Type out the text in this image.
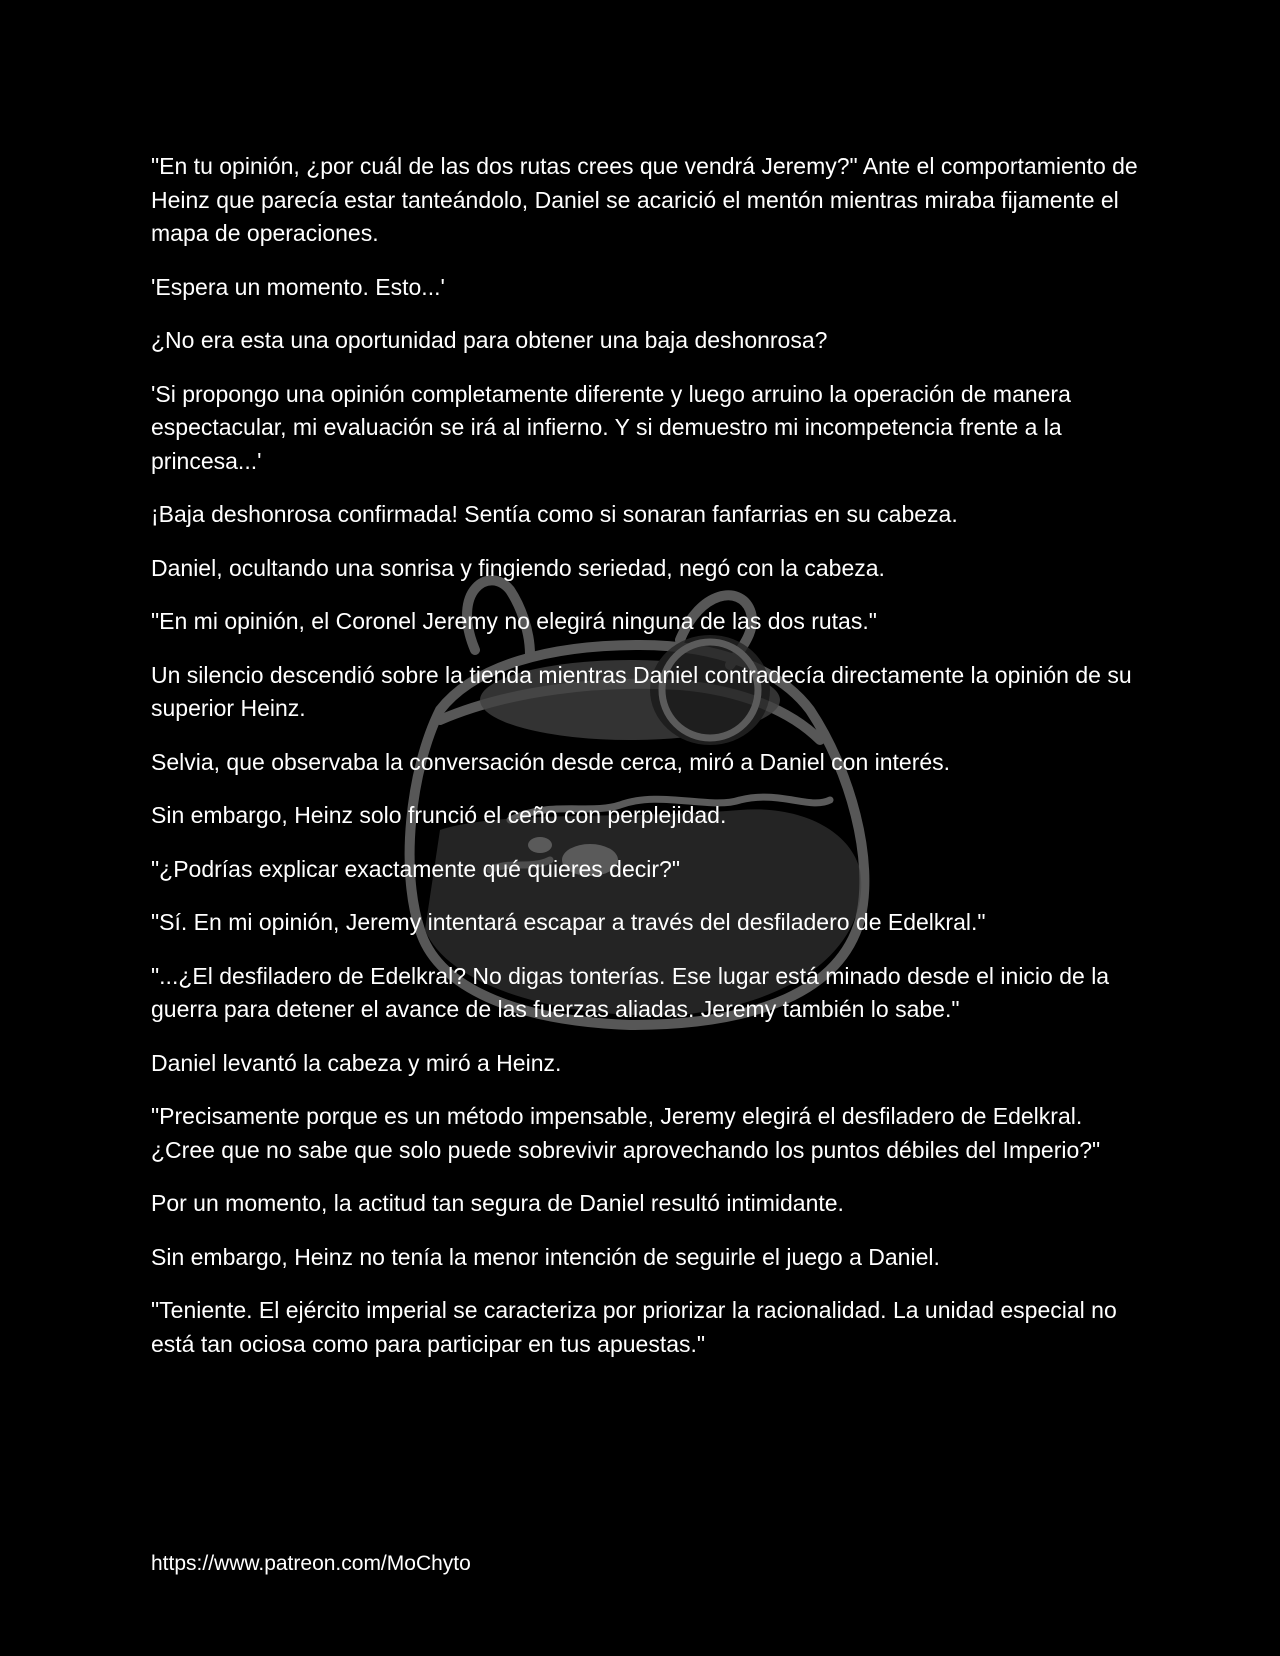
"En tu opinión, ¿por cuál de las dos rutas crees que vendrá Jeremy?" Ante el comportamiento de Heinz que parecía estar tanteándolo, Daniel se acarició el mentón mientras miraba fijamente el mapa de operaciones.

'Espera un momento. Esto...'

¿No era esta una oportunidad para obtener una baja deshonrosa?

'Si propongo una opinión completamente diferente y luego arruino la operación de manera espectacular, mi evaluación se irá al infierno. Y si demuestro mi incompetencia frente a la princesa...'

¡Baja deshonrosa confirmada! Sentía como si sonaran fanfarrias en su cabeza.

Daniel, ocultando una sonrisa y fingiendo seriedad, negó con la cabeza.

"En mi opinión, el Coronel Jeremy no elegirá ninguna de las dos rutas."

Un silencio descendió sobre la tienda mientras Daniel contradecía directamente la opinión de su superior Heinz.

Selvia, que observaba la conversación desde cerca, miró a Daniel con interés.

Sin embargo, Heinz solo frunció el ceño con perplejidad.

"¿Podrías explicar exactamente qué quieres decir?"

"Sí. En mi opinión, Jeremy intentará escapar a través del desfiladero de Edelkral."

"...¿El desfiladero de Edelkral? No digas tonterías. Ese lugar está minado desde el inicio de la guerra para detener el avance de las fuerzas aliadas. Jeremy también lo sabe."

Daniel levantó la cabeza y miró a Heinz.

"Precisamente porque es un método impensable, Jeremy elegirá el desfiladero de Edelkral. ¿Cree que no sabe que solo puede sobrevivir aprovechando los puntos débiles del Imperio?"

Por un momento, la actitud tan segura de Daniel resultó intimidante.

Sin embargo, Heinz no tenía la menor intención de seguirle el juego a Daniel.

"Teniente. El ejército imperial se caracteriza por priorizar la racionalidad. La unidad especial no está tan ociosa como para participar en tus apuestas."

https://www.patreon.com/MoChyto
